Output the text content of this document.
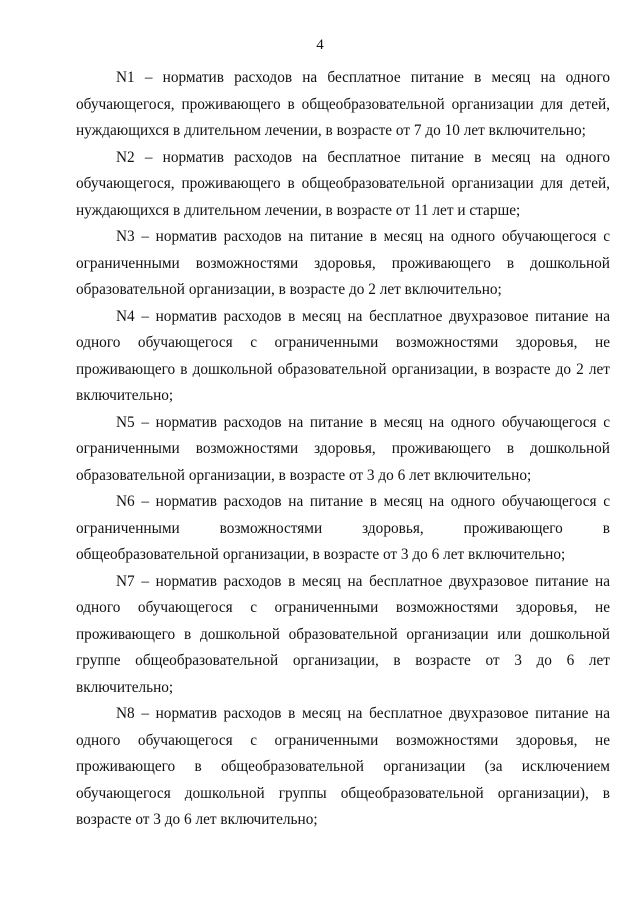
4

N1 – норматив расходов на бесплатное питание в месяц на одного обучающегося, проживающего в общеобразовательной организации для детей, нуждающихся в длительном лечении, в возрасте от 7 до 10 лет включительно;

N2 – норматив расходов на бесплатное питание в месяц на одного обучающегося, проживающего в общеобразовательной организации для детей, нуждающихся в длительном лечении, в возрасте от 11 лет и старше;

N3 – норматив расходов на питание в месяц на одного обучающегося с ограниченными возможностями здоровья, проживающего в дошкольной образовательной организации, в возрасте до 2 лет включительно;

N4 – норматив расходов в месяц на бесплатное двухразовое питание на одного обучающегося с ограниченными возможностями здоровья, не проживающего в дошкольной образовательной организации, в возрасте до 2 лет включительно;

N5 – норматив расходов на питание в месяц на одного обучающегося с ограниченными возможностями здоровья, проживающего в дошкольной образовательной организации, в возрасте от 3 до 6 лет включительно;

N6 – норматив расходов на питание в месяц на одного обучающегося с ограниченными возможностями здоровья, проживающего в общеобразовательной организации, в возрасте от 3 до 6 лет включительно;

N7 – норматив расходов в месяц на бесплатное двухразовое питание на одного обучающегося с ограниченными возможностями здоровья, не проживающего в дошкольной образовательной организации или дошкольной группе общеобразовательной организации, в возрасте от 3 до 6 лет включительно;

N8 – норматив расходов в месяц на бесплатное двухразовое питание на одного обучающегося с ограниченными возможностями здоровья, не проживающего в общеобразовательной организации (за исключением обучающегося дошкольной группы общеобразовательной организации), в возрасте от 3 до 6 лет включительно;
